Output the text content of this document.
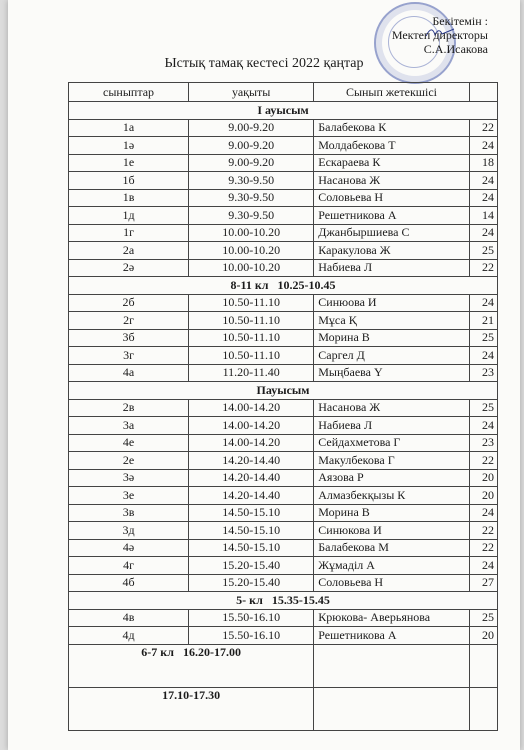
Бекітемін :
Мектеп директоры
С.А.Исакова
Ыстық тамақ кестесі 2022 қаңтар
сыныптар	уақыты	Сынып жетекшісі	
I ауысым			
1а	9.00-9.20	Балабекова К	22
1ә	9.00-9.20	Молдабекова Т	24
1е	9.00-9.20	Ескараева К	18
1б	9.30-9.50	Насанова Ж	24
1в	9.30-9.50	Соловьева Н	24
1д	9.30-9.50	Решетникова А	14
1г	10.00-10.20	Джанбыршиева С	24
2а	10.00-10.20	Каракулова Ж	25
2ә	10.00-10.20	Набиева Л	22
8-11 кл 10.25-10.45			
2б	10.50-11.10	Синюова И	24
2г	10.50-11.10	Мұса Қ	21
3б	10.50-11.10	Морина В	25
3г	10.50-11.10	Саргел Д	24
4а	11.20-11.40	Мыңбаева Ү	23
Пауысым			
2в	14.00-14.20	Насанова Ж	25
3а	14.00-14.20	Набиева Л	24
4е	14.00-14.20	Сейдахметова Г	23
2е	14.20-14.40	Макулбекова Г	22
3ә	14.20-14.40	Аязова Р	20
3е	14.20-14.40	Алмазбекқызы К	20
3в	14.50-15.10	Морина В	24
3д	14.50-15.10	Синюкова И	22
4ә	14.50-15.10	Балабекова М	22
4г	15.20-15.40	Жұмаділ А	24
4б	15.20-15.40	Соловьева Н	27
5- кл 15.35-15.45			
4в	15.50-16.10	Крюкова- Аверьянова	25
4д	15.50-16.10	Решетникова А	20
6-7 кл 16.20-17.00			
17.10-17.30			
